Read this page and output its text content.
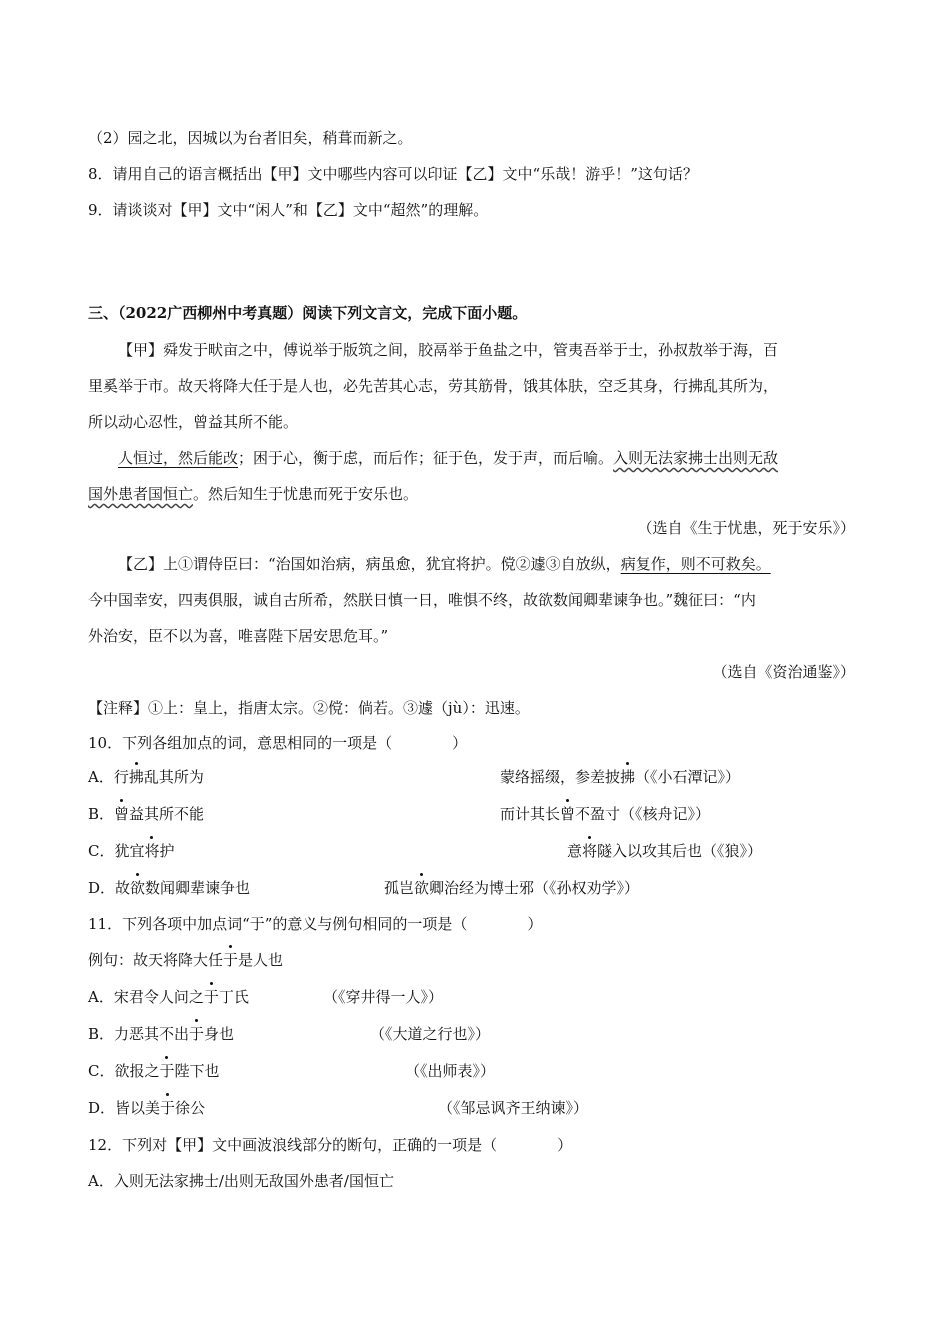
（2）园之北，因城以为台者旧矣，稍葺而新之。
8．请用自己的语言概括出【甲】文中哪些内容可以印证【乙】文中“乐哉！游乎！”这句话？
9．请谈谈对【甲】文中“闲人”和【乙】文中“超然”的理解。
三、（2022广西柳州中考真题）阅读下列文言文，完成下面小题。
【甲】舜发于畎亩之中，傅说举于版筑之间，胶鬲举于鱼盐之中，管夷吾举于士，孙叔敖举于海，百
里奚举于市。故天将降大任于是人也，必先苦其心志，劳其筋骨，饿其体肤，空乏其身，行拂乱其所为，
所以动心忍性，曾益其所不能。
人恒过，然后能改；困于心，衡于虑，而后作；征于色，发于声，而后喻。入则无法家拂士出则无敌
国外患者国恒亡。然后知生于忧患而死于安乐也。
（选自《生于忧患，死于安乐》）
【乙】上①谓侍臣曰：“治国如治病，病虽愈，犹宜将护。傥②遽③自放纵，病复作，则不可救矣。
今中国幸安，四夷俱服，诚自古所希，然朕日慎一日，唯惧不终，故欲数闻卿辈谏争也。”魏征曰：“内
外治安，臣不以为喜，唯喜陛下居安思危耳。”
（选自《资治通鉴》）
【注释】①上：皇上，指唐太宗。②傥：倘若。③遽（jù）：迅速。
10．下列各组加点的词，意思相同的一项是（　　　　）
A．行拂乱其所为	蒙络摇缀，参差披拂（《小石潭记》）
B．曾益其所不能	而计其长曾不盈寸（《核舟记》）
C．犹宜将护	意将隧入以攻其后也（《狼》）
D．故欲数闻卿辈谏争也	孤岂欲卿治经为博士邪（《孙权劝学》）
11．下列各项中加点词“于”的意义与例句相同的一项是（　　　　）
例句：故天将降大任于是人也
A．宋君令人问之于丁氏	（《穿井得一人》）
B．力恶其不出于身也	（《大道之行也》）
C．欲报之于陛下也	（《出师表》）
D．皆以美于徐公	（《邹忌讽齐王纳谏》）
12．下列对【甲】文中画波浪线部分的断句，正确的一项是（　　　　）
A．入则无法家拂士/出则无敌国外患者/国恒亡
